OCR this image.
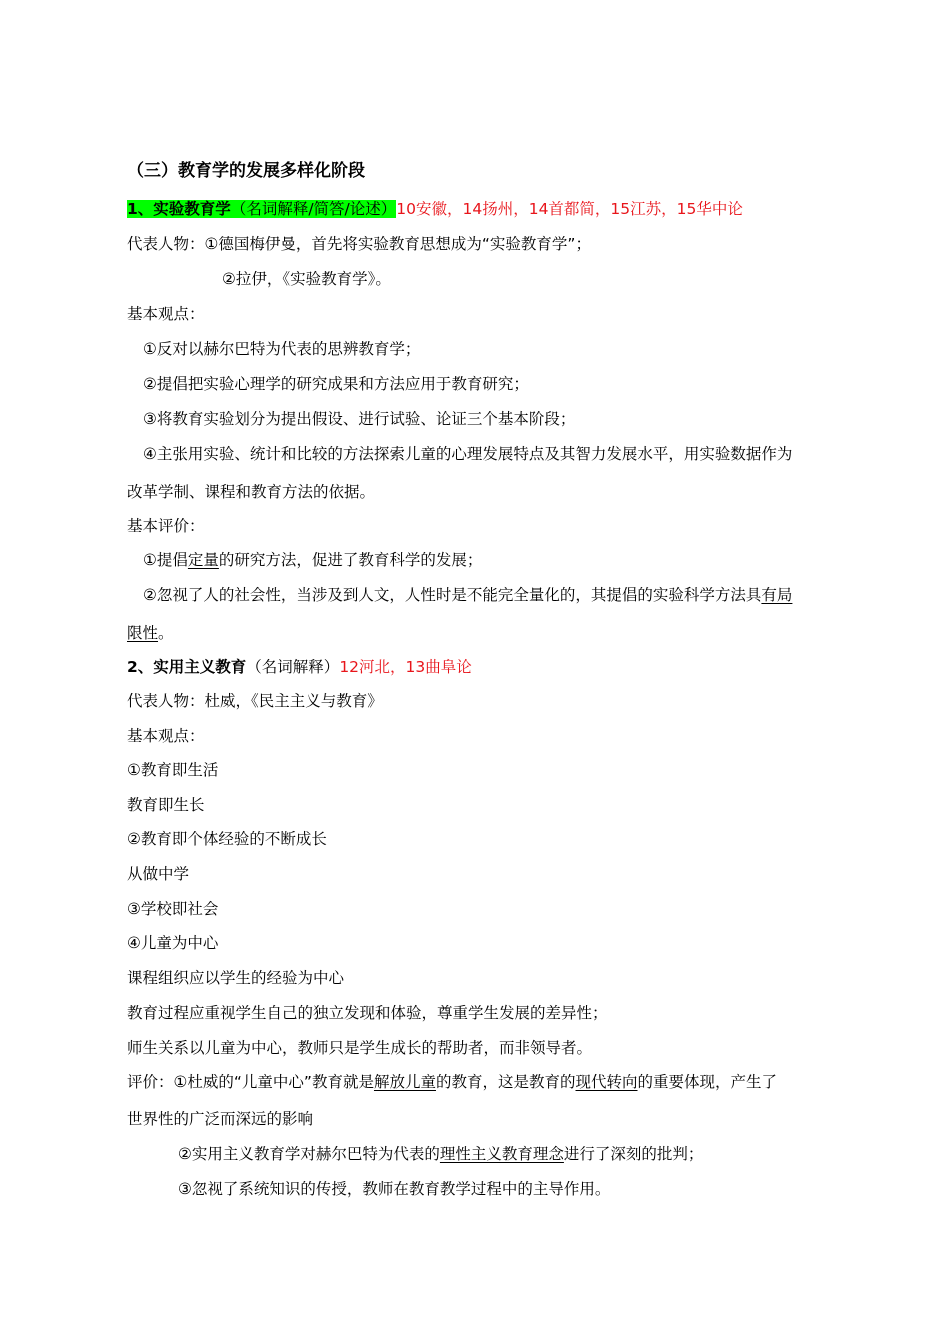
（三）教育学的发展多样化阶段
1、实验教育学（名词解释/简答/论述）10安徽，14扬州，14首都简，15江苏，15华中论
代表人物：①德国梅伊曼，首先将实验教育思想成为“实验教育学”；
②拉伊，《实验教育学》。
基本观点：
①反对以赫尔巴特为代表的思辨教育学；
②提倡把实验心理学的研究成果和方法应用于教育研究；
③将教育实验划分为提出假设、进行试验、论证三个基本阶段；
④主张用实验、统计和比较的方法探索儿童的心理发展特点及其智力发展水平，用实验数据作为
改革学制、课程和教育方法的依据。
基本评价：
①提倡定量的研究方法，促进了教育科学的发展；
②忽视了人的社会性，当涉及到人文，人性时是不能完全量化的，其提倡的实验科学方法具有局
限性。
2、实用主义教育（名词解释）12河北，13曲阜论
代表人物：杜威，《民主主义与教育》
基本观点：
①教育即生活
教育即生长
②教育即个体经验的不断成长
从做中学
③学校即社会
④儿童为中心
课程组织应以学生的经验为中心
教育过程应重视学生自己的独立发现和体验，尊重学生发展的差异性；
师生关系以儿童为中心，教师只是学生成长的帮助者，而非领导者。
评价：①杜威的“儿童中心”教育就是解放儿童的教育，这是教育的现代转向的重要体现，产生了
世界性的广泛而深远的影响
②实用主义教育学对赫尔巴特为代表的理性主义教育理念进行了深刻的批判；
③忽视了系统知识的传授，教师在教育教学过程中的主导作用。
